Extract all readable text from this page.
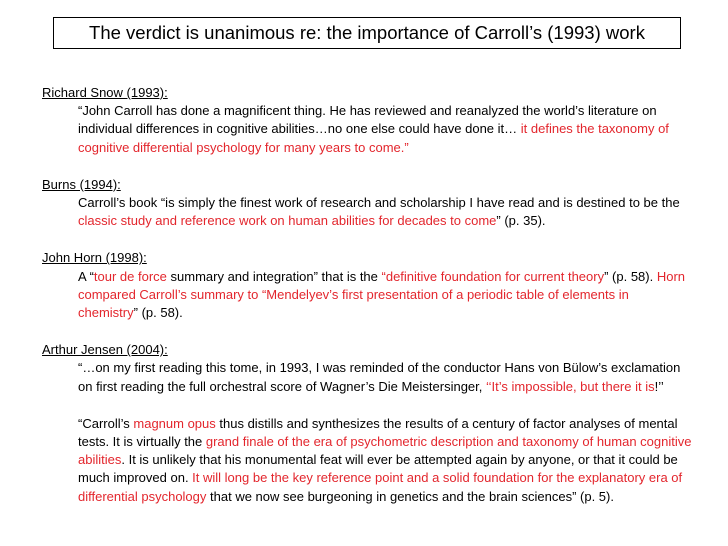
The verdict is unanimous re: the importance of Carroll’s (1993) work
Richard Snow (1993):
“John Carroll has done a magnificent thing. He has reviewed and reanalyzed the world’s literature on individual differences in cognitive abilities…no one else could have done it… it defines the taxonomy of cognitive differential psychology for many years to come.”
Burns (1994):
Carroll’s book “is simply the finest work of research and scholarship I have read and is destined to be the classic study and reference work on human abilities for decades to come” (p. 35).
John Horn (1998):
A “tour de force summary and integration” that is the “definitive foundation for current theory” (p. 58). Horn compared Carroll’s summary to “Mendelyev’s first presentation of a periodic table of elements in chemistry” (p. 58).
Arthur Jensen (2004):
“…on my first reading this tome, in 1993, I was reminded of the conductor Hans von Bülow’s exclamation on first reading the full orchestral score of Wagner’s Die Meistersinger, ‘‘It’s impossible, but there it is!’’
“Carroll’s magnum opus thus distills and synthesizes the results of a century of factor analyses of mental tests. It is virtually the grand finale of the era of psychometric description and taxonomy of human cognitive abilities. It is unlikely that his monumental feat will ever be attempted again by anyone, or that it could be much improved on. It will long be the key reference point and a solid foundation for the explanatory era of differential psychology that we now see burgeoning in genetics and the brain sciences” (p. 5).
